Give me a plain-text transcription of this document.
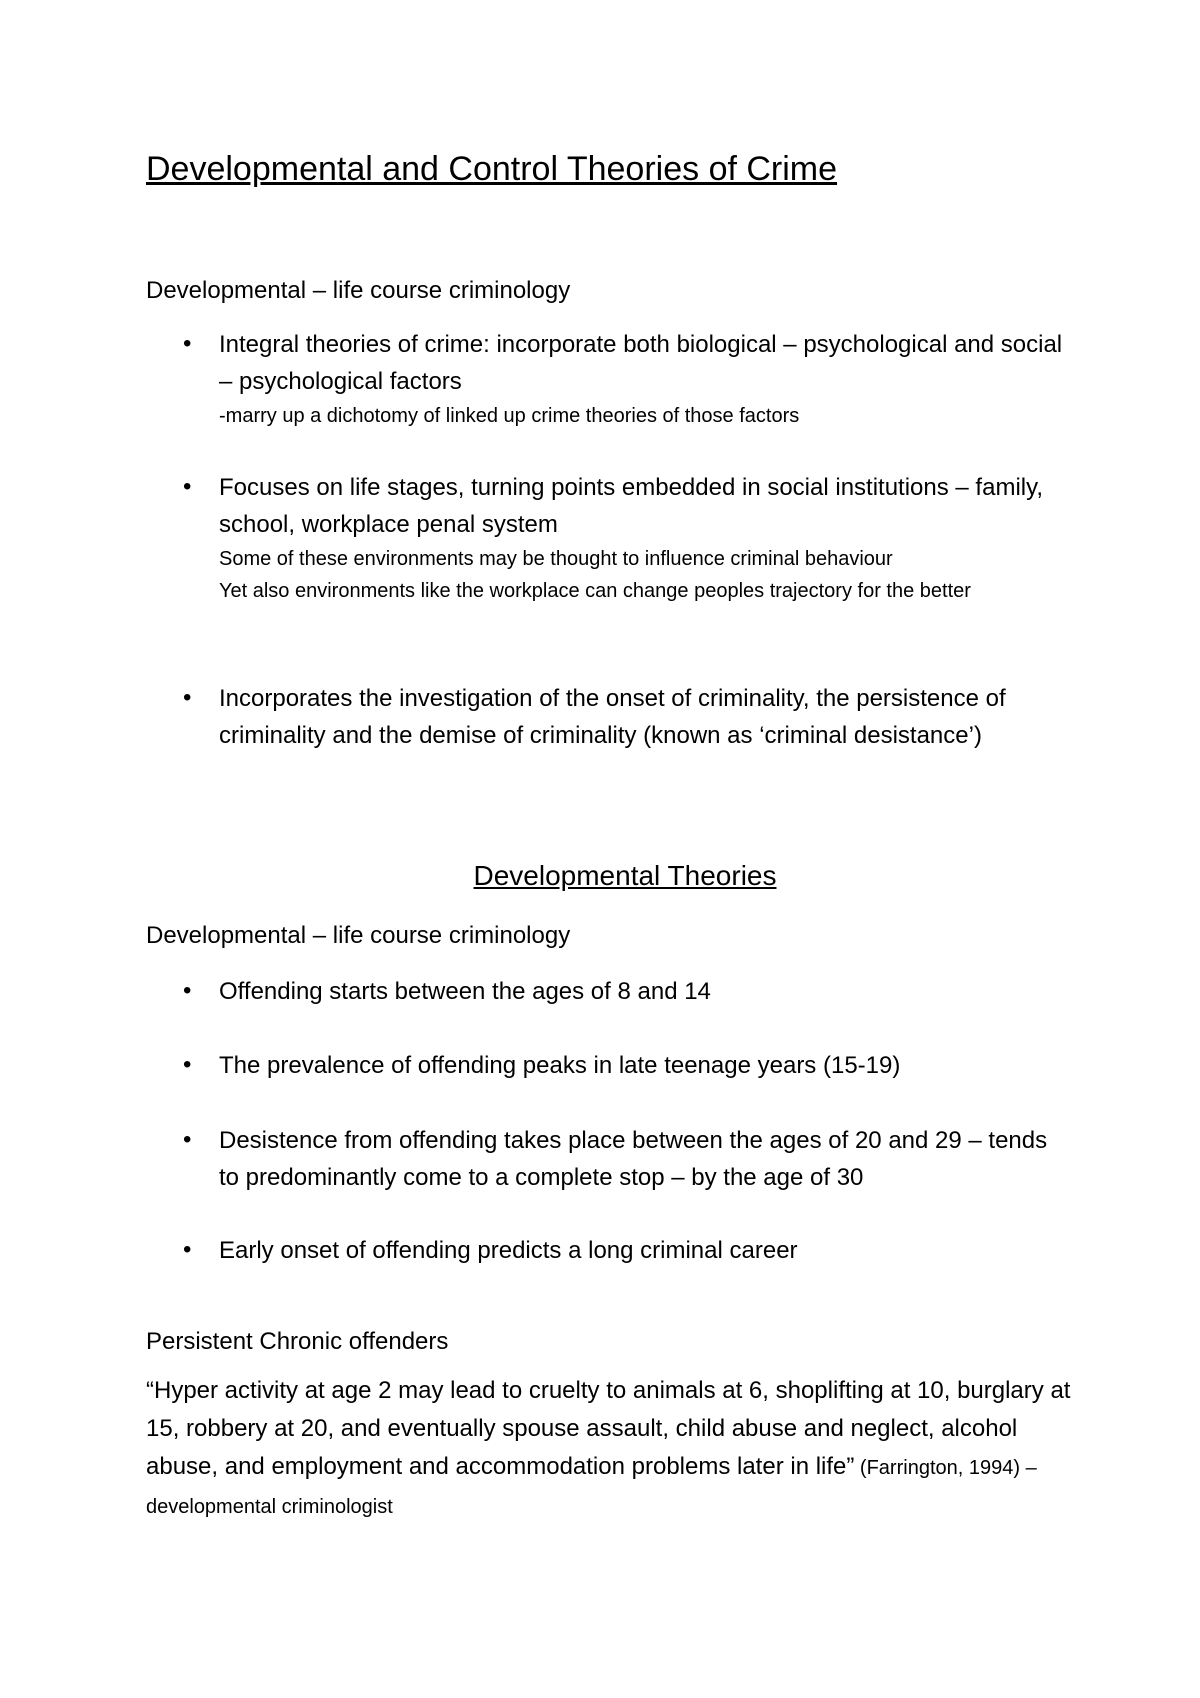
Developmental and Control Theories of Crime
Developmental – life course criminology
• Integral theories of crime: incorporate both biological – psychological and social – psychological factors
-marry up a dichotomy of linked up crime theories of those factors
• Focuses on life stages, turning points embedded in social institutions – family, school, workplace penal system
Some of these environments may be thought to influence criminal behaviour
Yet also environments like the workplace can change peoples trajectory for the better
• Incorporates the investigation of the onset of criminality, the persistence of criminality and the demise of criminality (known as ‘criminal desistance’)
Developmental Theories
Developmental – life course criminology
• Offending starts between the ages of 8 and 14
• The prevalence of offending peaks in late teenage years (15-19)
• Desistence from offending takes place between the ages of 20 and 29 – tends to predominantly come to a complete stop – by the age of 30
• Early onset of offending predicts a long criminal career
Persistent Chronic offenders
“Hyper activity at age 2 may lead to cruelty to animals at 6, shoplifting at 10, burglary at 15, robbery at 20, and eventually spouse assault, child abuse and neglect, alcohol abuse, and employment and accommodation problems later in life” (Farrington, 1994) – developmental criminologist
